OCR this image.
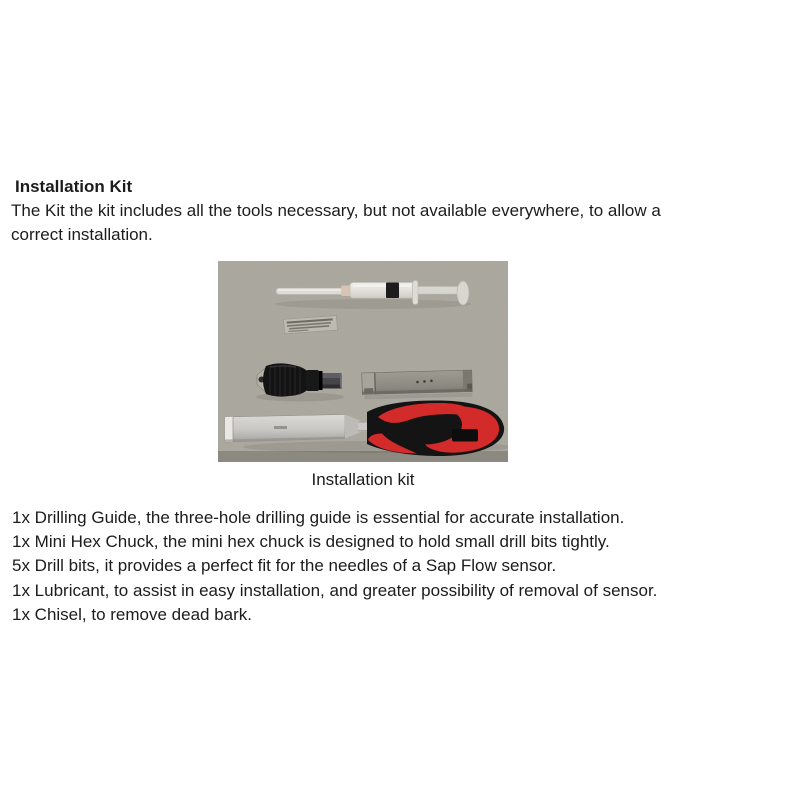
Installation Kit
The Kit the kit includes all the tools necessary, but not available everywhere, to allow a
correct installation.
Installation kit
1x Drilling Guide, the three-hole drilling guide is essential for accurate installation.
1x Mini Hex Chuck, the mini hex chuck is designed to hold small drill bits tightly.
5x Drill bits, it provides a perfect fit for the needles of a Sap Flow sensor.
1x Lubricant, to assist in easy installation, and greater possibility of removal of sensor.
1x Chisel, to remove dead bark.
